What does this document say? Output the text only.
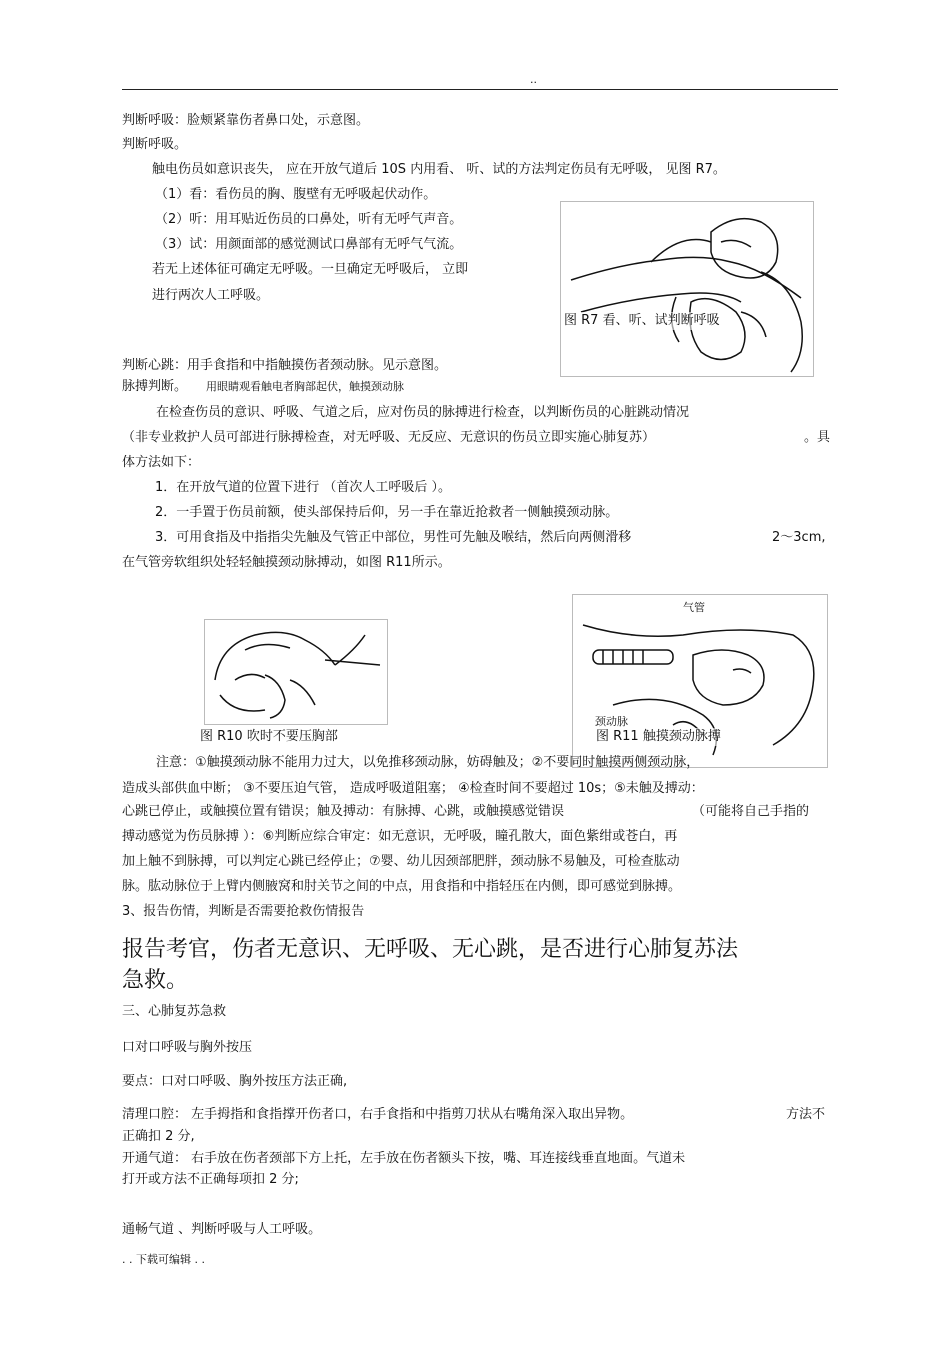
..
判断呼吸：脸颊紧靠伤者鼻口处，示意图。
判断呼吸。
触电伤员如意识丧失， 应在开放气道后 10S 内用看、 听、试的方法判定伤员有无呼吸， 见图 R7。
（1）看：看伤员的胸、腹壁有无呼吸起伏动作。
（2）听：用耳贴近伤员的口鼻处，听有无呼气声音。
（3）试：用颜面部的感觉测试口鼻部有无呼气气流。
若无上述体征可确定无呼吸。一旦确定无呼吸后， 立即
进行两次人工呼吸。
图 R7 看、听、试判断呼吸
判断心跳：用手食指和中指触摸伤者颈动脉。见示意图。
脉搏判断。 用眼睛观看触电者胸部起伏，触摸颈动脉
在检查伤员的意识、呼吸、气道之后，应对伤员的脉搏进行检查，以判断伤员的心脏跳动情况
（非专业救护人员可部进行脉搏检查，对无呼吸、无反应、无意识的伤员立即实施心肺复苏）	。具
体方法如下：
1．在开放气道的位置下进行 （首次人工呼吸后 ）。
2．一手置于伤员前额，使头部保持后仰，另一手在靠近抢救者一侧触摸颈动脉。
3．可用食指及中指指尖先触及气管正中部位，男性可先触及喉结，然后向两侧滑移	2～3cm,
在气管旁软组织处轻轻触摸颈动脉搏动，如图 R11所示。
图 R10 吹时不要压胸部
气管
颈动脉
图 R11 触摸颈动脉搏
注意：①触摸颈动脉不能用力过大，以免推移颈动脉，妨碍触及；②不要同时触摸两侧颈动脉，
造成头部供血中断； ③不要压迫气管， 造成呼吸道阻塞； ④检查时间不要超过 10s；⑤未触及搏动：
心跳已停止，或触摸位置有错误；触及搏动：有脉搏、心跳，或触摸感觉错误	（可能将自己手指的
搏动感觉为伤员脉搏 ）：⑥判断应综合审定：如无意识，无呼吸，瞳孔散大，面色紫绀或苍白，再
加上触不到脉搏，可以判定心跳已经停止；⑦婴、幼儿因颈部肥胖，颈动脉不易触及，可检查肱动
脉。肱动脉位于上臂内侧腋窝和肘关节之间的中点，用食指和中指轻压在内侧，即可感觉到脉搏。
3、报告伤情，判断是否需要抢救伤情报告
报告考官，伤者无意识、无呼吸、无心跳，是否进行心肺复苏法
急救。
三、心肺复苏急救
口对口呼吸与胸外按压
要点：口对口呼吸、胸外按压方法正确,
清理口腔： 左手拇指和食指撑开伤者口，右手食指和中指剪刀状从右嘴角深入取出异物。	方法不
正确扣 2 分,
开通气道： 右手放在伤者颈部下方上托，左手放在伤者额头下按，嘴、耳连接线垂直地面。气道未
打开或方法不正确每项扣 2 分;
通畅气道 、判断呼吸与人工呼吸。
. . 下载可编辑 . .
